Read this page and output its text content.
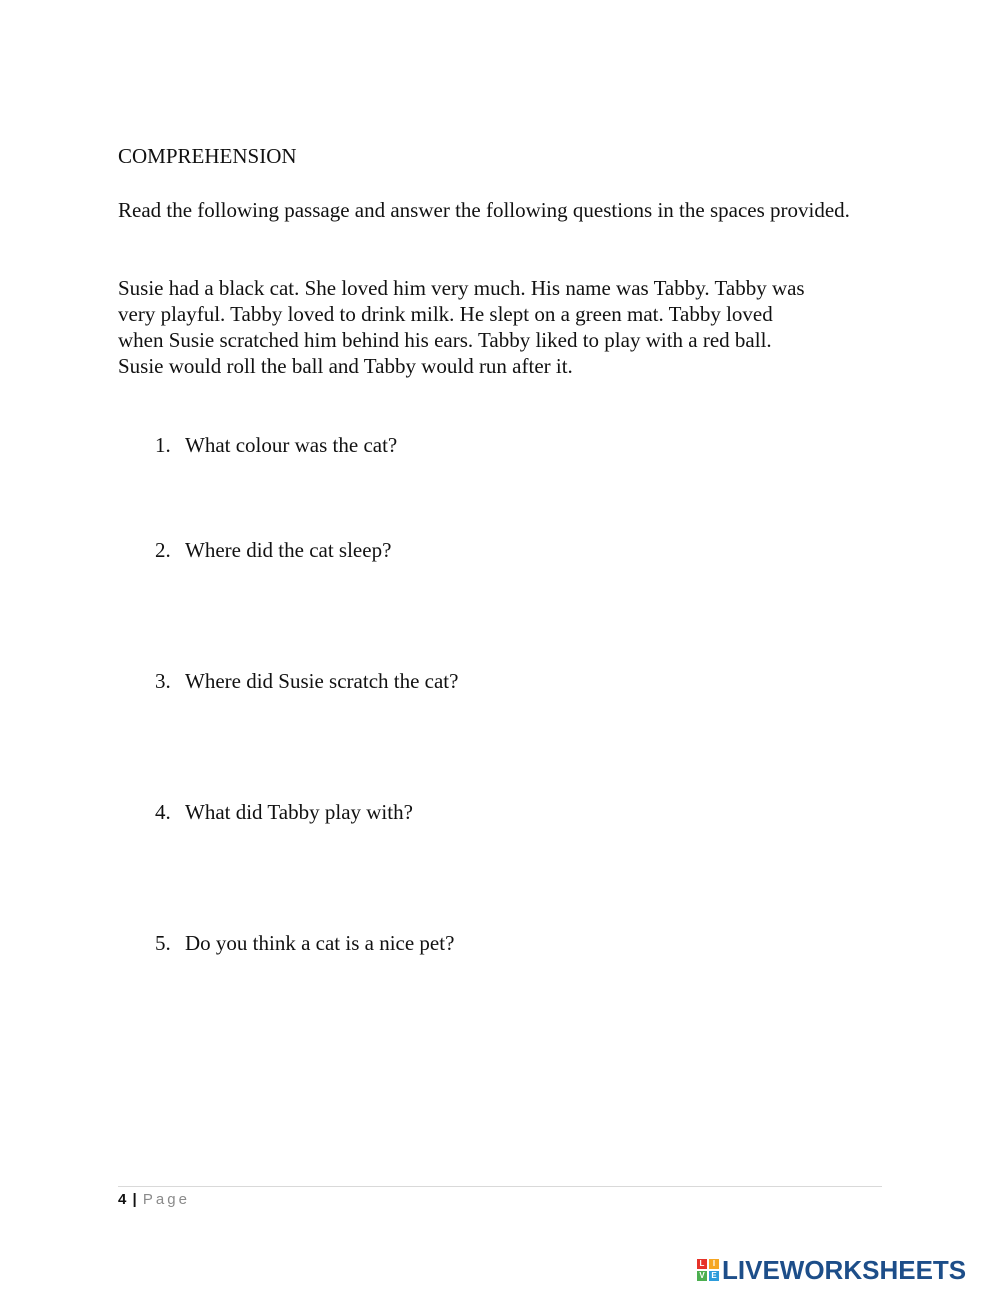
COMPREHENSION
Read the following passage and answer the following questions in the spaces provided.
Susie had a black cat. She loved him very much. His name was Tabby. Tabby was
very playful. Tabby loved to drink milk. He slept on a green mat. Tabby loved
when Susie scratched him behind his ears. Tabby liked to play with a red ball.
Susie would roll the ball and Tabby would run after it.
1. What colour was the cat?
2. Where did the cat sleep?
3. Where did Susie scratch the cat?
4. What did Tabby play with?
5. Do you think a cat is a nice pet?
4 | Page
L	I
V E LIVEWORKSHEETS
